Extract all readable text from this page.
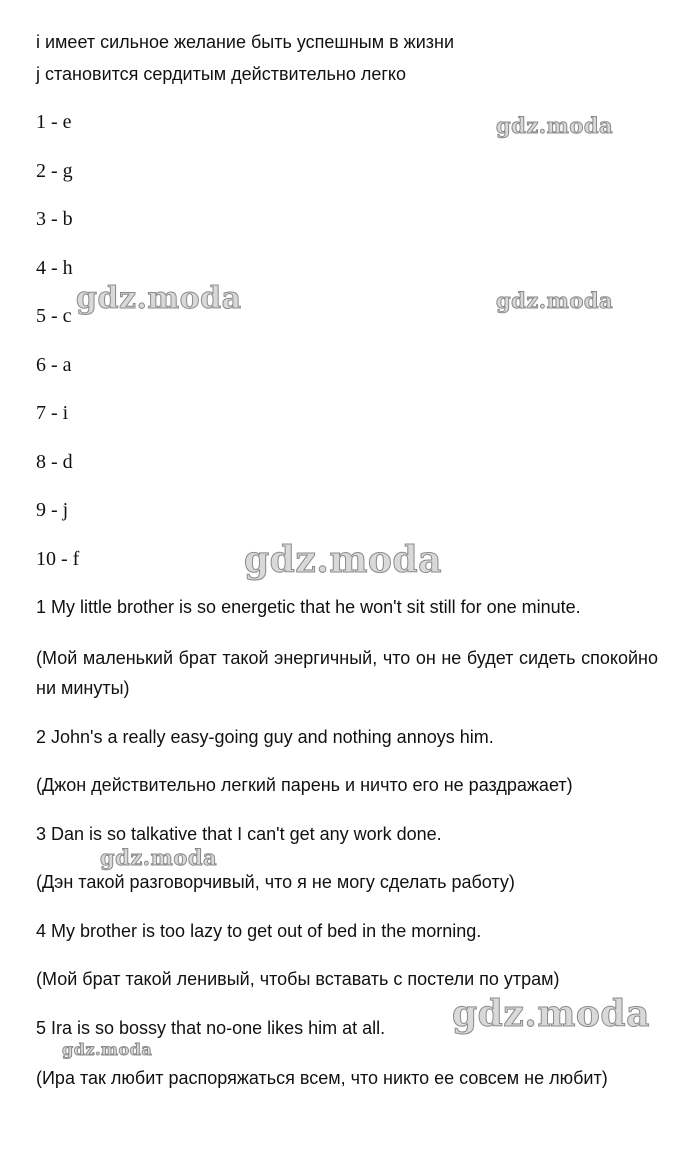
i имеет сильное желание быть успешным в жизни
j становится сердитым действительно легко
1 - e
2 - g
3 - b
4 - h
5 - c
6 - a
7 - i
8 - d
9 - j
10 - f
1 My little brother is so energetic that he won't sit still for one minute.
(Мой маленький брат такой энергичный, что он не будет сидеть спокойно ни минуты)
2 John's a really easy-going guy and nothing annoys him.
(Джон действительно легкий парень и ничто его не раздражает)
3 Dan is so talkative that I can't get any work done.
(Дэн такой разговорчивый, что я не могу сделать работу)
4 My brother is too lazy to get out of bed in the morning.
(Мой брат такой ленивый, чтобы вставать с постели по утрам)
5 Ira is so bossy that no-one likes him at all.
(Ира так любит распоряжаться всем, что никто ее совсем не любит)
gdz.moda
gdz.moda	gdz.moda
gdz.moda
gdz.moda
gdz.moda
gdz.moda
